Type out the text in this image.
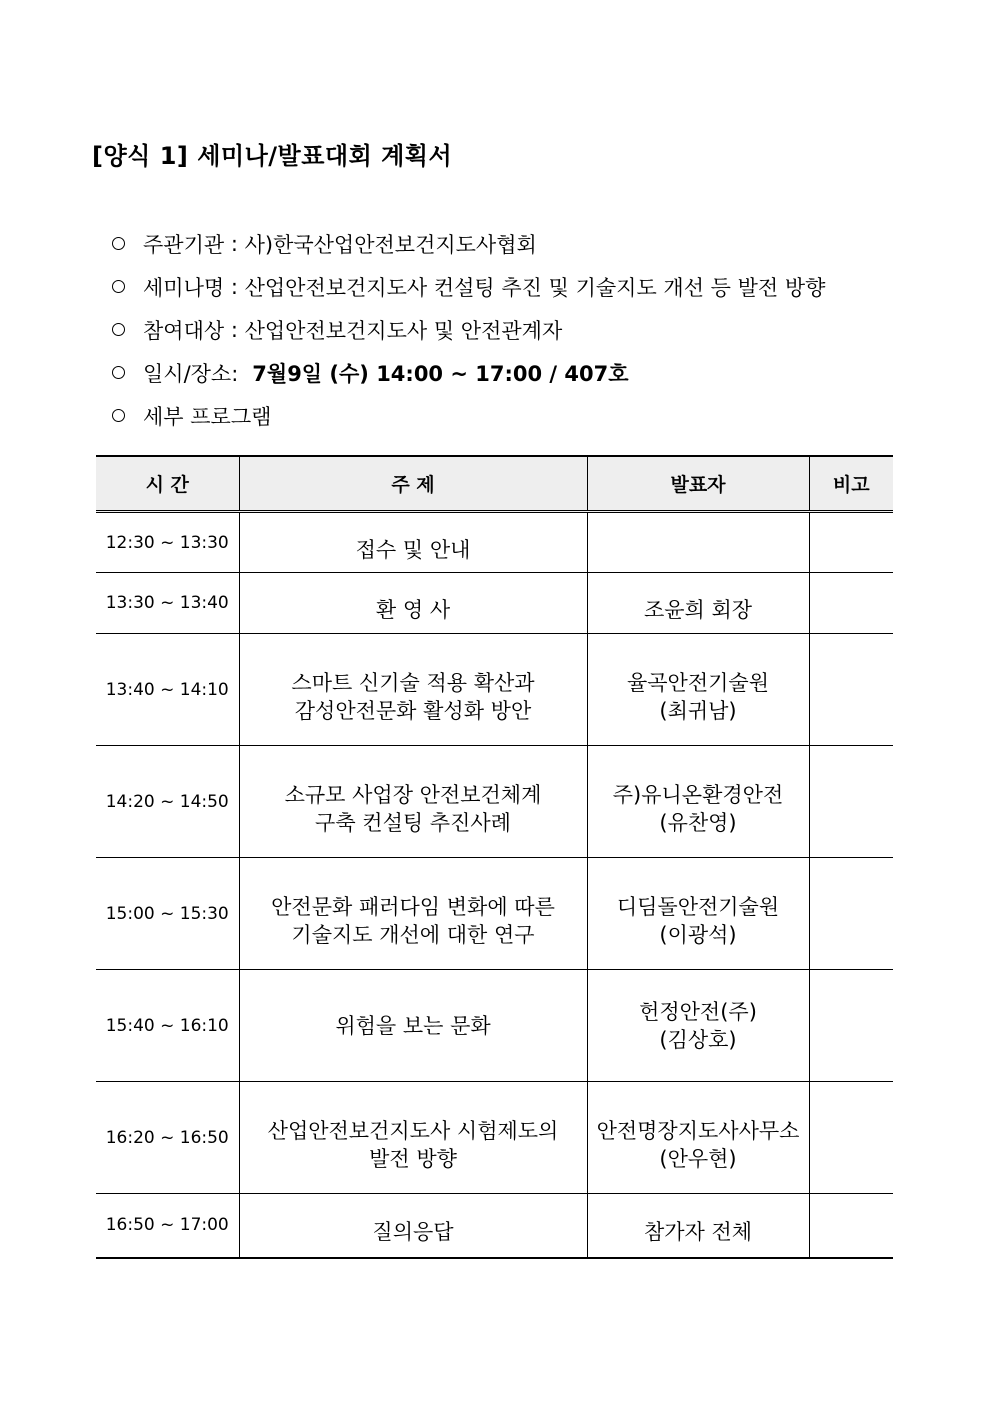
[양식 1] 세미나/발표대회 계획서
주관기관 : 사)한국산업안전보건지도사협회
세미나명 : 산업안전보건지도사 컨설팅 추진 및 기술지도 개선 등 발전 방향
참여대상 : 산업안전보건지도사 및 안전관계자
일시/장소: 7월9일 (수) 14:00 ~ 17:00 / 407호
세부 프로그램
시 간	주 제	발표자	비고
12:30 ~ 13:30	접수 및 안내		

13:30 ~ 13:40	환 영 사	조윤희 회장	

13:40 ~ 14:10	스마트 신기술 적용 확산과
감성안전문화 활성화 방안	율곡안전기술원
(최귀남)	

14:20 ~ 14:50	소규모 사업장 안전보건체계
구축 컨설팅 추진사례	주)유니온환경안전
(유찬영)	

15:00 ~ 15:30	안전문화 패러다임 변화에 따른
기술지도 개선에 대한 연구	디딤돌안전기술원
(이광석)	

15:40 ~ 16:10	위험을 보는 문화	헌정안전(주)
(김상호)	

16:20 ~ 16:50	산업안전보건지도사 시험제도의
발전 방향	안전명장지도사사무소
(안우현)	

16:50 ~ 17:00	질의응답	참가자 전체	
